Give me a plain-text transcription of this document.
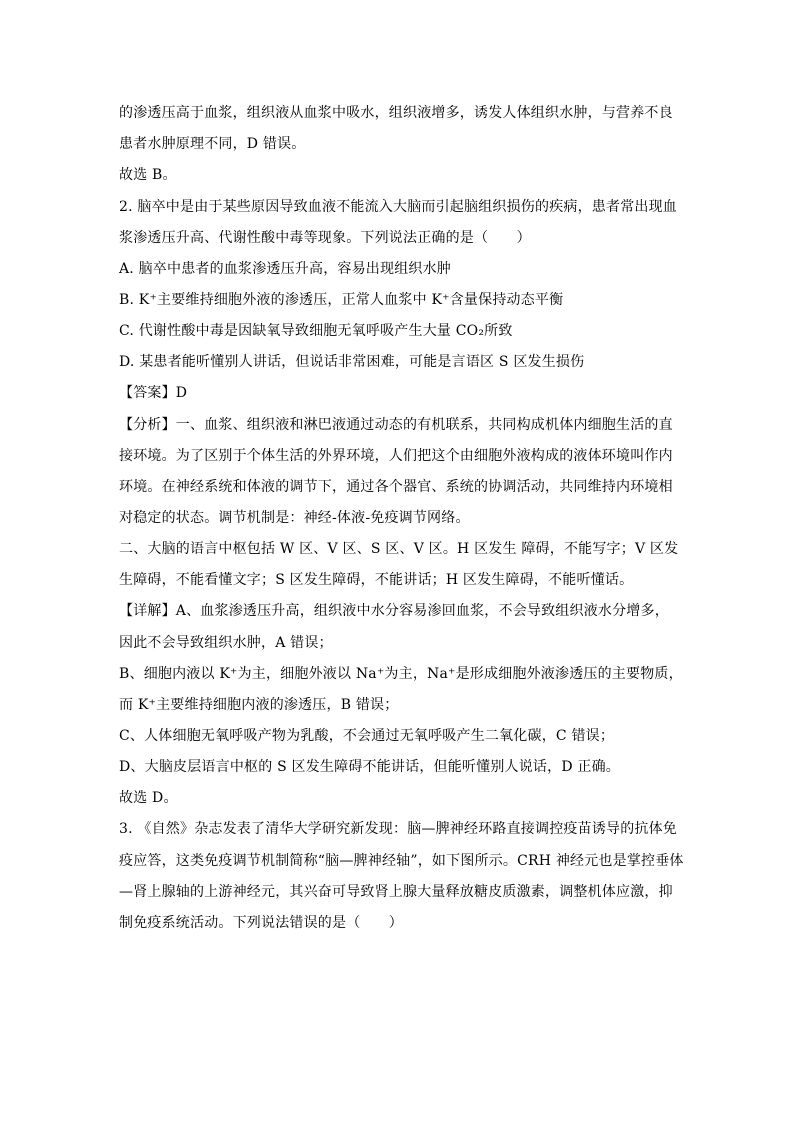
的渗透压高于血浆，组织液从血浆中吸水，组织液增多，诱发人体组织水肿，与营养不良
患者水肿原理不同，D 错误。
故选 B。
2. 脑卒中是由于某些原因导致血液不能流入大脑而引起脑组织损伤的疾病，患者常出现血
浆渗透压升高、代谢性酸中毒等现象。下列说法正确的是（　　）
A. 脑卒中患者的血浆渗透压升高，容易出现组织水肿
B. K⁺主要维持细胞外液的渗透压，正常人血浆中 K⁺含量保持动态平衡
C. 代谢性酸中毒是因缺氧导致细胞无氧呼吸产生大量 CO₂所致
D. 某患者能听懂别人讲话，但说话非常困难，可能是言语区 S 区发生损伤
【答案】D
【分析】一、血浆、组织液和淋巴液通过动态的有机联系，共同构成机体内细胞生活的直
接环境。为了区别于个体生活的外界环境，人们把这个由细胞外液构成的液体环境叫作内
环境。在神经系统和体液的调节下，通过各个器官、系统的协调活动，共同维持内环境相
对稳定的状态。调节机制是：神经-体液-免疫调节网络。
二、大脑的语言中枢包括 W 区、V 区、S 区、V 区。H 区发生 障碍，不能写字；V 区发
生障碍，不能看懂文字；S 区发生障碍，不能讲话；H 区发生障碍，不能听懂话。
【详解】A、血浆渗透压升高，组织液中水分容易渗回血浆，不会导致组织液水分增多，
因此不会导致组织水肿，A 错误；
B、细胞内液以 K⁺为主，细胞外液以 Na⁺为主，Na⁺是形成细胞外液渗透压的主要物质，
而 K⁺主要维持细胞内液的渗透压，B 错误；
C、人体细胞无氧呼吸产物为乳酸，不会通过无氧呼吸产生二氧化碳，C 错误；
D、大脑皮层语言中枢的 S 区发生障碍不能讲话，但能听懂别人说话，D 正确。
故选 D。
3. 《自然》杂志发表了清华大学研究新发现：脑—脾神经环路直接调控疫苗诱导的抗体免
疫应答，这类免疫调节机制简称“脑—脾神经轴”，如下图所示。CRH 神经元也是掌控垂体
—肾上腺轴的上游神经元，其兴奋可导致肾上腺大量释放糖皮质激素，调整机体应激，抑
制免疫系统活动。下列说法错误的是（　　）
